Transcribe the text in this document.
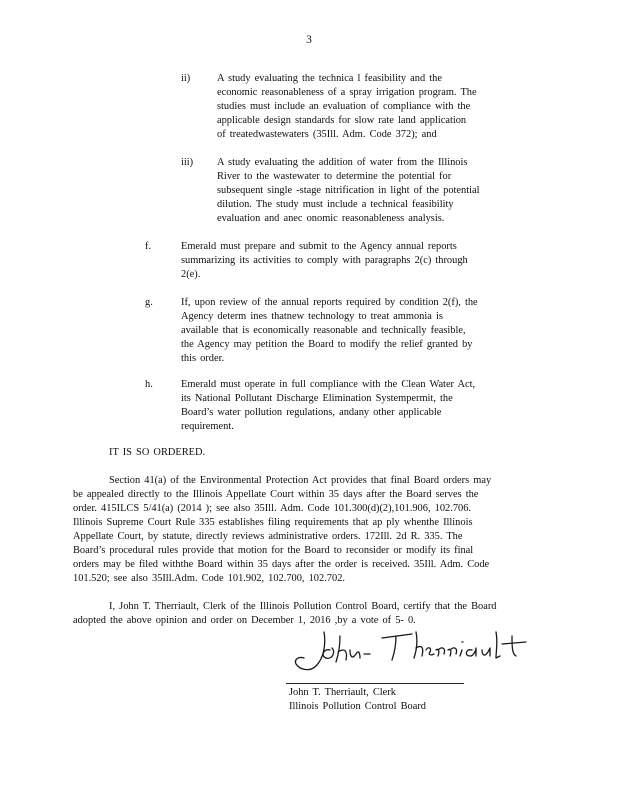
3
ii)	A study evaluating the technica l feasibility and the
economic reasonableness of a spray irrigation program. The
studies must include an evaluation of compliance with the
applicable design standards for slow rate land application
of treatedwastewaters (35Ill. Adm. Code 372); and
iii) A study evaluating the addition of water from the Illinois
River to the wastewater to determine the potential for
subsequent single -stage nitrification in light of the potential
dilution. The study must include a technical feasibility
evaluation and anec onomic reasonableness analysis.
f.	Emerald must prepare and submit to the Agency annual reports
summarizing its activities to comply with paragraphs 2(c) through
2(e).
g.	If, upon review of the annual reports required by condition 2(f), the
Agency determ ines thatnew technology to treat ammonia is
available that is economically reasonable and technically feasible,
the Agency may petition the Board to modify the relief granted by
this order.
h.	Emerald must operate in full compliance with the Clean Water Act,
its National Pollutant Discharge Elimination Systempermit, the
Board’s water pollution regulations, andany other applicable
requirement.
IT IS SO ORDERED.
Section 41(a) of the Environmental Protection Act provides that final Board orders may
be appealed directly to the Illinois Appellate Court within 35 days after the Board serves the
order. 415ILCS 5/41(a) (2014 ); see also 35Ill. Adm. Code 101.300(d)(2),101.906, 102.706.
Illinois Supreme Court Rule 335 establishes filing requirements that ap ply whenthe Illinois
Appellate Court, by statute, directly reviews administrative orders. 172Ill. 2d R. 335. The
Board’s procedural rules provide that motion for the Board to reconsider or modify its final
orders may be filed withthe Board within 35 days after the order is received. 35Ill. Adm. Code
101.520; see also 35Ill.Adm. Code 101.902, 102.700, 102.702.
I, John T. Therriault, Clerk of the Illinois Pollution Control Board, certify that the Board
adopted the above opinion and order on December 1, 2016 ,by a vote of 5- 0.
John T. Therriault, Clerk
Illinois Pollution Control Board
